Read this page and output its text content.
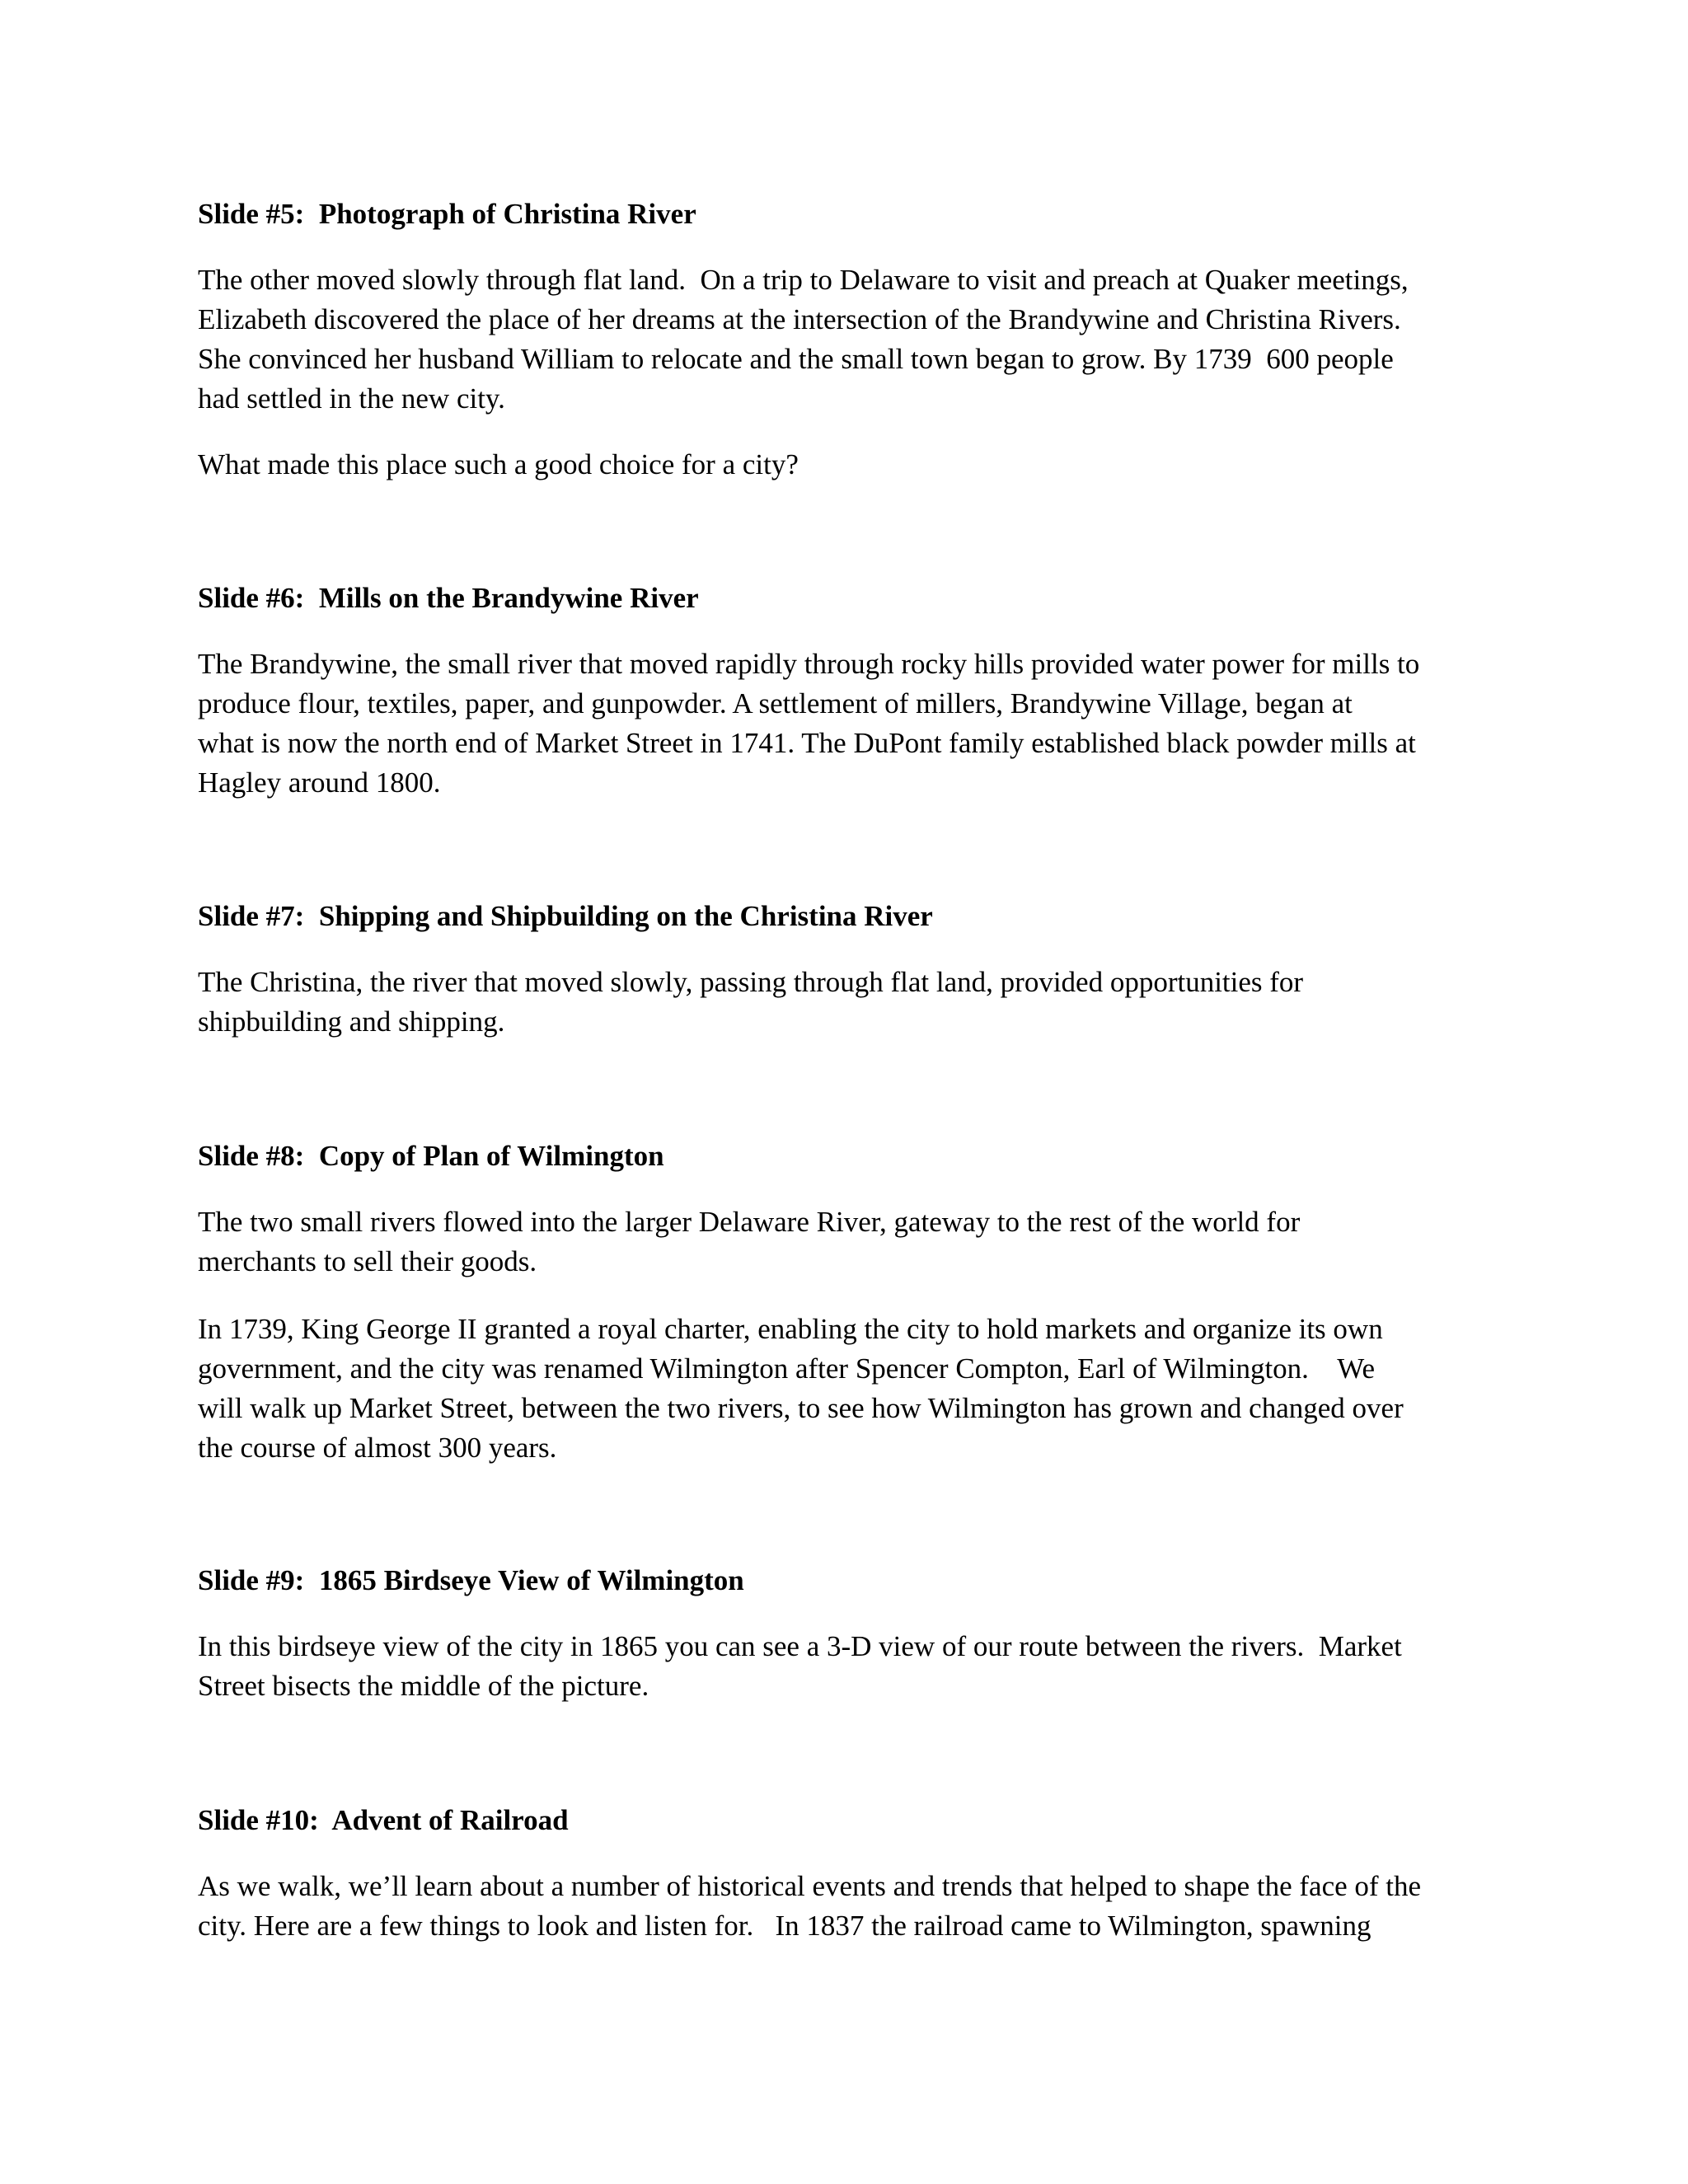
Slide #5:  Photograph of Christina River

The other moved slowly through flat land.  On a trip to Delaware to visit and preach at Quaker meetings,
Elizabeth discovered the place of her dreams at the intersection of the Brandywine and Christina Rivers.
She convinced her husband William to relocate and the small town began to grow. By 1739  600 people
had settled in the new city.

What made this place such a good choice for a city?

Slide #6:  Mills on the Brandywine River

The Brandywine, the small river that moved rapidly through rocky hills provided water power for mills to
produce flour, textiles, paper, and gunpowder. A settlement of millers, Brandywine Village, began at
what is now the north end of Market Street in 1741. The DuPont family established black powder mills at
Hagley around 1800.

Slide #7:  Shipping and Shipbuilding on the Christina River

The Christina, the river that moved slowly, passing through flat land, provided opportunities for
shipbuilding and shipping.

Slide #8:  Copy of Plan of Wilmington

The two small rivers flowed into the larger Delaware River, gateway to the rest of the world for
merchants to sell their goods.

In 1739, King George II granted a royal charter, enabling the city to hold markets and organize its own
government, and the city was renamed Wilmington after Spencer Compton, Earl of Wilmington.    We
will walk up Market Street, between the two rivers, to see how Wilmington has grown and changed over
the course of almost 300 years.

Slide #9:  1865 Birdseye View of Wilmington

In this birdseye view of the city in 1865 you can see a 3-D view of our route between the rivers.  Market
Street bisects the middle of the picture.

Slide #10:  Advent of Railroad

As we walk, we’ll learn about a number of historical events and trends that helped to shape the face of the
city. Here are a few things to look and listen for.   In 1837 the railroad came to Wilmington, spawning
